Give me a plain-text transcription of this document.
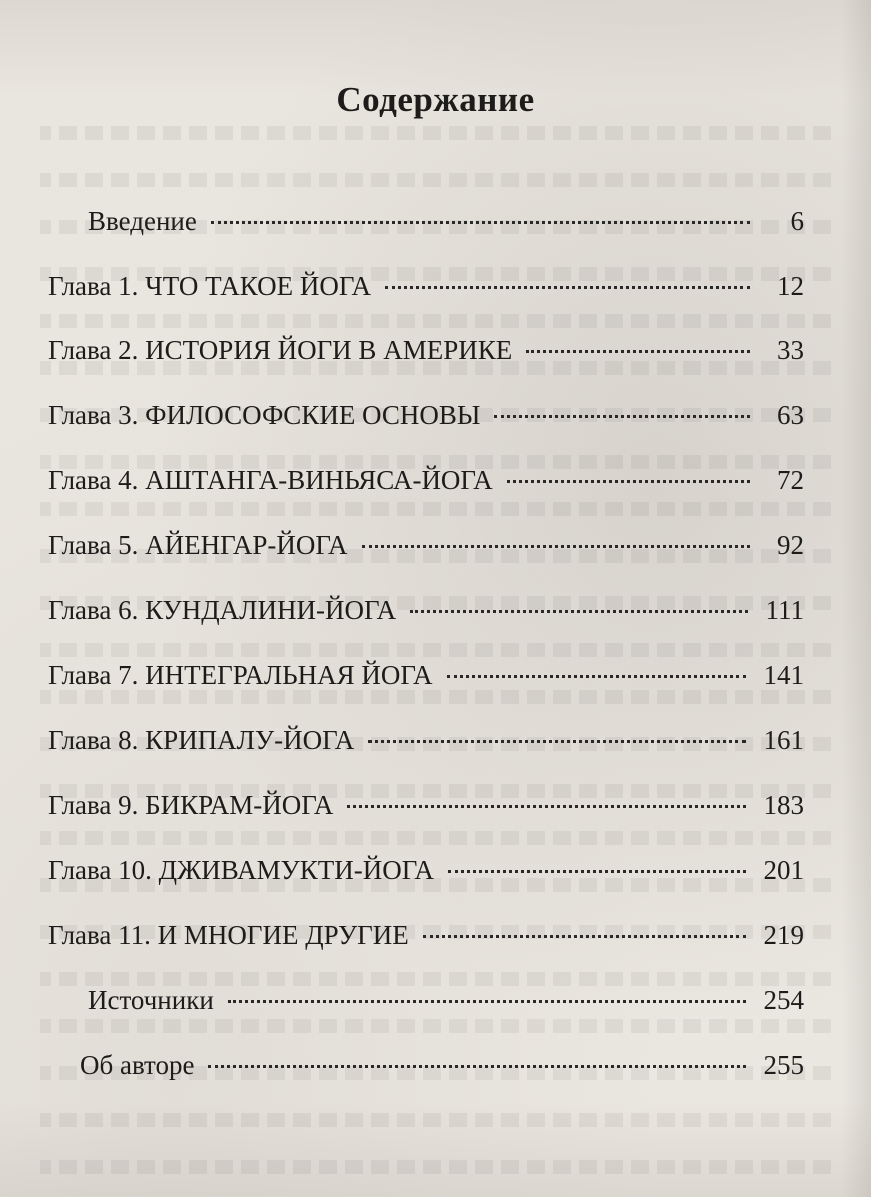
Содержание
Введение	6
Глава 1. ЧТО ТАКОЕ ЙОГА	12
Глава 2. ИСТОРИЯ ЙОГИ В АМЕРИКЕ	33
Глава 3. ФИЛОСОФСКИЕ ОСНОВЫ	63
Глава 4. АШТАНГА-ВИНЬЯСА-ЙОГА	72
Глава 5. АЙЕНГАР-ЙОГА	92
Глава 6. КУНДАЛИНИ-ЙОГА	111
Глава 7. ИНТЕГРАЛЬНАЯ ЙОГА	141
Глава 8. КРИПАЛУ-ЙОГА	161
Глава 9. БИКРАМ-ЙОГА	183
Глава 10. ДЖИВАМУКТИ-ЙОГА	201
Глава 11. И МНОГИЕ ДРУГИЕ	219
Источники	254
Об авторе	255
